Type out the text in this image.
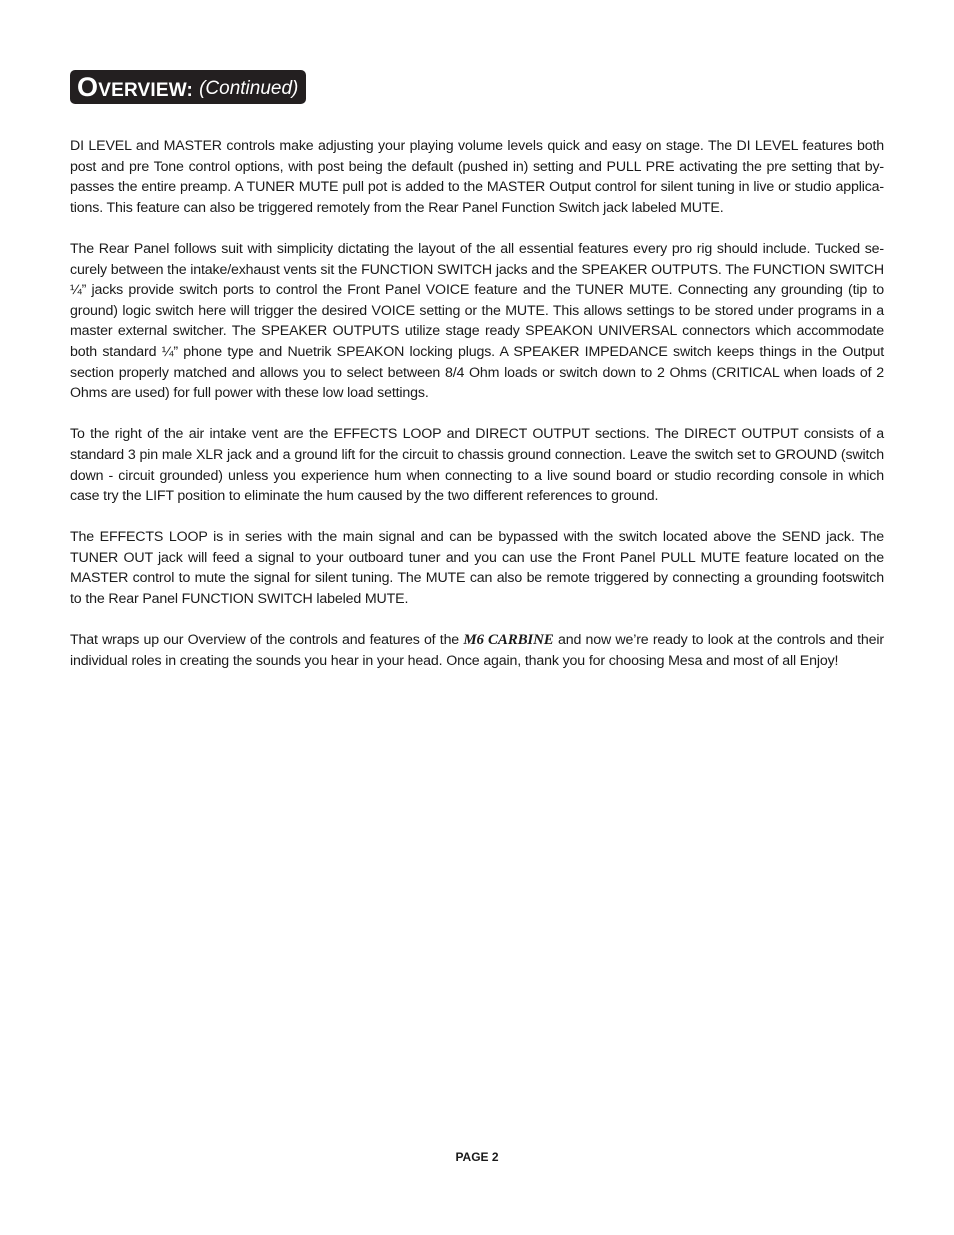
OVERVIEW: (Continued)

DI LEVEL and MASTER controls make adjusting your playing volume levels quick and easy on stage. The DI LEVEL features both post and pre Tone control options, with post being the default (pushed in) setting and PULL PRE activating the pre setting that by-passes the entire preamp. A TUNER MUTE pull pot is added to the MASTER Output control for silent tuning in live or studio applica-tions. This feature can also be triggered remotely from the Rear Panel Function Switch jack labeled MUTE.

The Rear Panel follows suit with simplicity dictating the layout of the all essential features every pro rig should include. Tucked se-curely between the intake/exhaust vents sit the FUNCTION SWITCH jacks and the SPEAKER OUTPUTS. The FUNCTION SWITCH ¼” jacks provide switch ports to control the Front Panel VOICE feature and the TUNER MUTE. Connecting any grounding (tip to ground) logic switch here will trigger the desired VOICE setting or the MUTE. This allows settings to be stored under programs in a master external switcher. The SPEAKER OUTPUTS utilize stage ready SPEAKON UNIVERSAL connectors which accommodate both standard ¼” phone type and Nuetrik SPEAKON locking plugs. A SPEAKER IMPEDANCE switch keeps things in the Output section properly matched and allows you to select between 8/4 Ohm loads or switch down to 2 Ohms (CRITICAL when loads of 2 Ohms are used) for full power with these low load settings.

To the right of the air intake vent are the EFFECTS LOOP and DIRECT OUTPUT sections. The DIRECT OUTPUT consists of a standard 3 pin male XLR jack and a ground lift for the circuit to chassis ground connection. Leave the switch set to GROUND (switch down - circuit grounded) unless you experience hum when connecting to a live sound board or studio recording console in which case try the LIFT position to eliminate the hum caused by the two different references to ground.

The EFFECTS LOOP is in series with the main signal and can be bypassed with the switch located above the SEND jack. The TUNER OUT jack will feed a signal to your outboard tuner and you can use the Front Panel PULL MUTE feature located on the MASTER control to mute the signal for silent tuning. The MUTE can also be remote triggered by connecting a grounding footswitch to the Rear Panel FUNCTION SWITCH labeled MUTE.

That wraps up our Overview of the controls and features of the M6 CARBINE and now we’re ready to look at the controls and their individual roles in creating the sounds you hear in your head. Once again, thank you for choosing Mesa and most of all Enjoy!

PAGE 2
